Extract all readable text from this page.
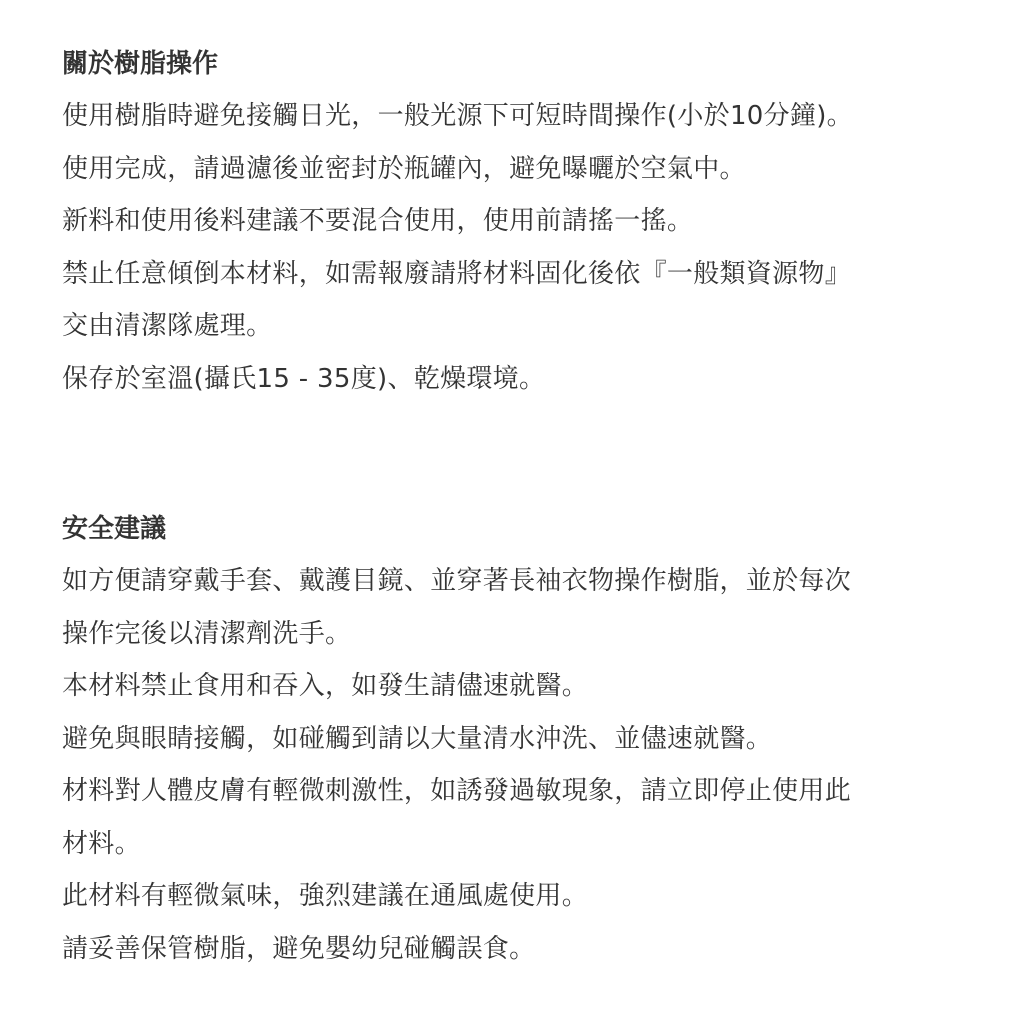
關於樹脂操作

使用樹脂時避免接觸日光，一般光源下可短時間操作(小於10分鐘)。

使用完成，請過濾後並密封於瓶罐內，避免曝曬於空氣中。

新料和使用後料建議不要混合使用，使用前請搖一搖。

禁止任意傾倒本材料，如需報廢請將材料固化後依『一般類資源物』

交由清潔隊處理。

保存於室溫(攝氏15 - 35度)、乾燥環境。

安全建議

如方便請穿戴手套、戴護目鏡、並穿著長袖衣物操作樹脂，並於每次

操作完後以清潔劑洗手。

本材料禁止食用和吞入，如發生請儘速就醫。

避免與眼睛接觸，如碰觸到請以大量清水沖洗、並儘速就醫。

材料對人體皮膚有輕微刺激性，如誘發過敏現象，請立即停止使用此

材料。

此材料有輕微氣味，強烈建議在通風處使用。

請妥善保管樹脂，避免嬰幼兒碰觸誤食。
